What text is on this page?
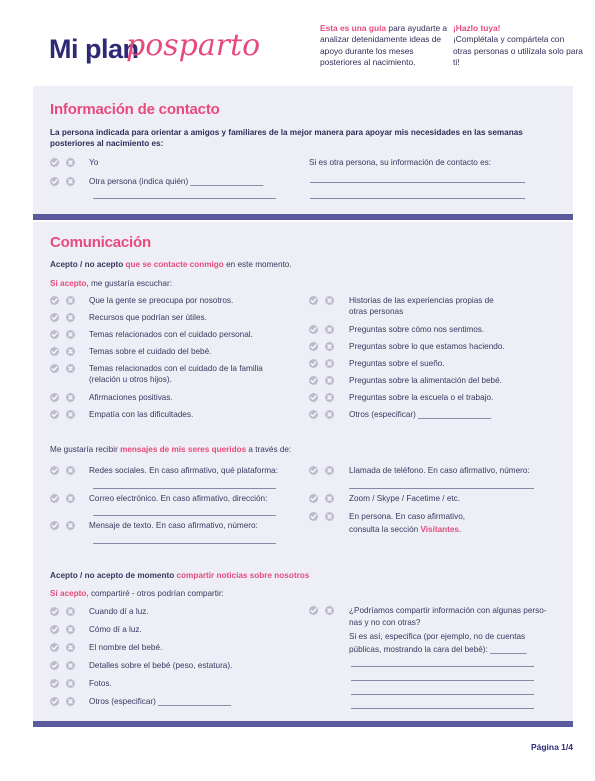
Mi plan
posparto	Esta es una guía para ayudarte a analizar detenidamente ideas de apoyo durante los meses posteriores al nacimiento.
¡Hazlo tuya!
¡Complétala y compártela con otras personas o utilízala solo para ti!
Información de contacto
La persona indicada para orientar a amigos y familiares de la mejor manera para apoyar mis necesidades en las semanas posteriores al nacimiento es:
Yo
Otra persona (indica quién) ________________
Si es otra persona, su información de contacto es:
Comunicación
Acepto / no acepto que se contacte conmigo en este momento.
Si acepto, me gustaría escuchar:
Que la gente se preocupa por nosotros.
Recursos que podrían ser útiles.
Temas relacionados con el cuidado personal.
Temas sobre el cuidado del bebé.
Temas relacionados con el cuidado de la familia (relación u otros hijos).
Afirmaciones positivas.
Empatía con las dificultades.
Historias de las experiencias propias de otras personas
Preguntas sobre cómo nos sentimos.
Preguntas sobre lo que estamos haciendo.
Preguntas sobre el sueño.
Preguntas sobre la alimentación del bebé.
Preguntas sobre la escuela o el trabajo.
Otros (especificar) ________________
Me gustaría recibir mensajes de mis seres queridos a través de:
Redes sociales. En caso afirmativo, qué plataforma:
Correo electrónico. En caso afirmativo, dirección:
Mensaje de texto. En caso afirmativo, número:
Llamada de teléfono. En caso afirmativo, número:
Zoom / Skype / Facetime / etc.
En persona. En caso afirmativo,
consulta la sección Visitantes.
Acepto / no acepto de momento compartir noticias sobre nosotros
Si acepto, compartiré - otros podrían compartir:
Cuando dí a luz.
Cómo dí a luz.
El nombre del bebé.
Detalles sobre el bebé (peso, estatura).
Fotos.
Otros (especificar) ________________
¿Podríamos compartir información con algunas perso-
nas y no con otras?
Si es así, especifica (por ejemplo, no de cuentas
públicas, mostrando la cara del bebé): ________
Página 1/4
